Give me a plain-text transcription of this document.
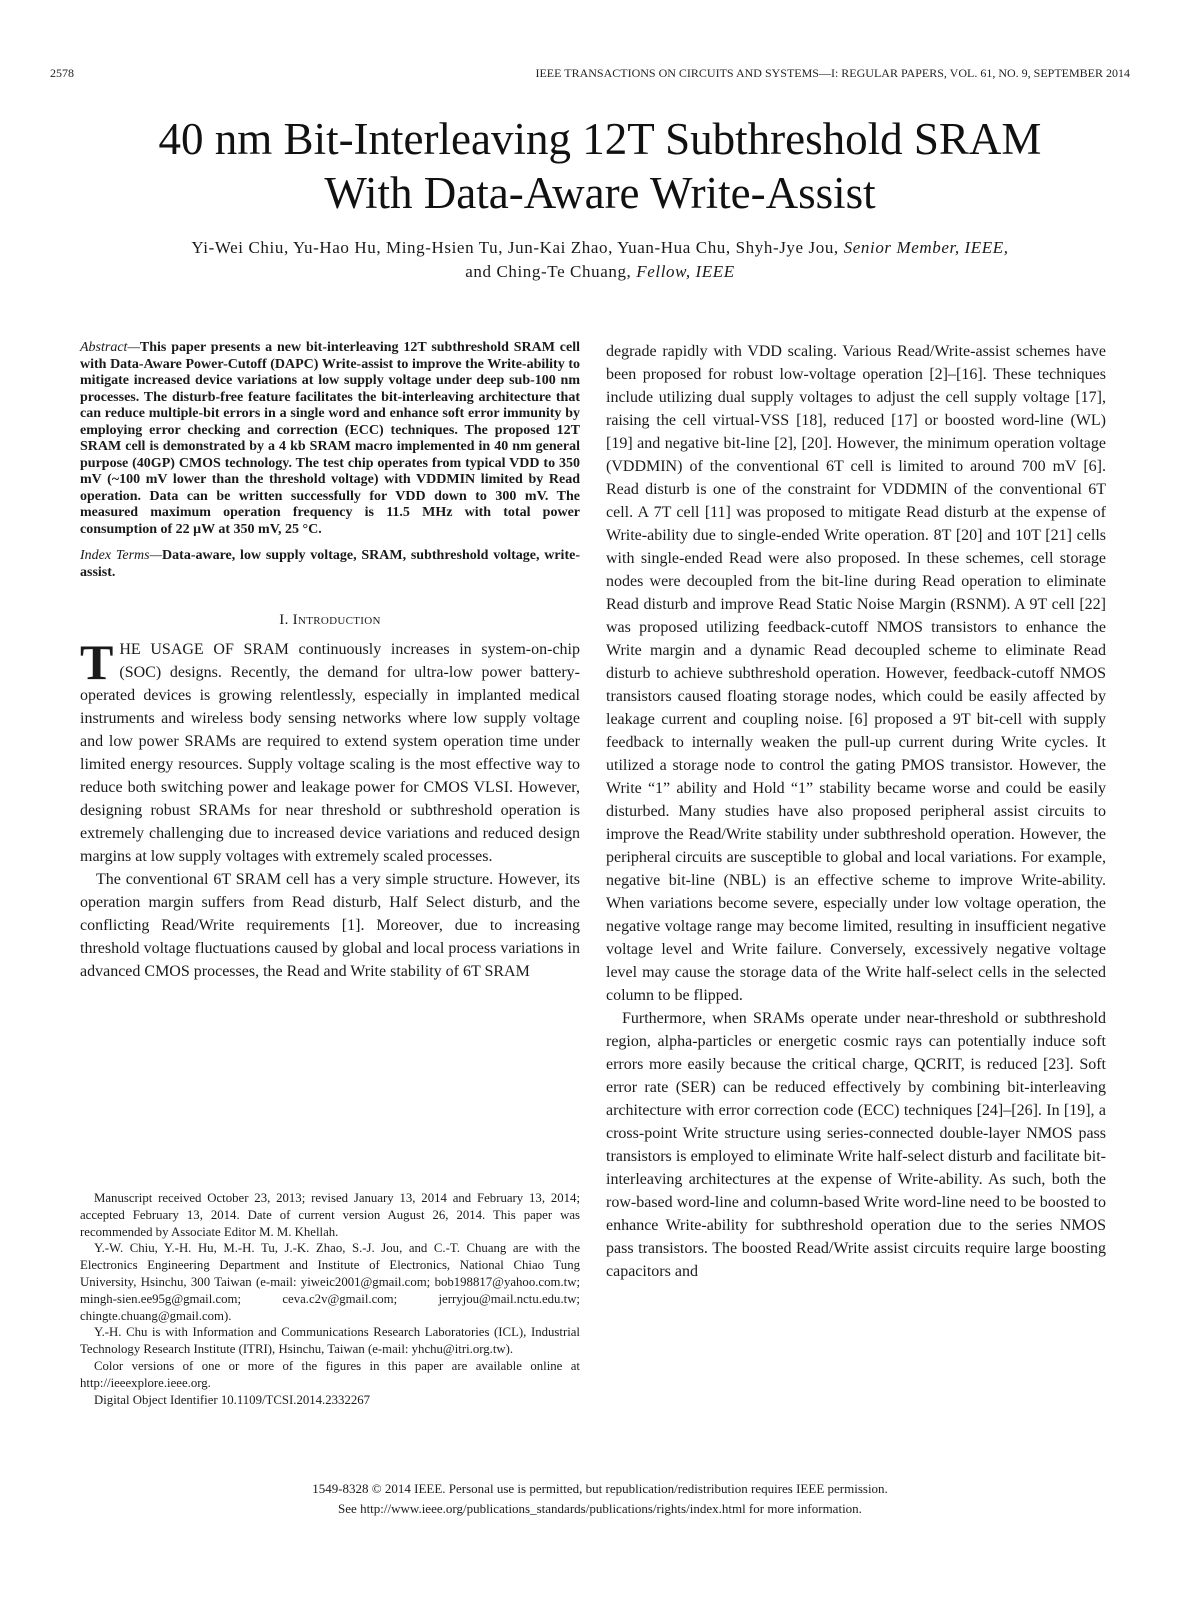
2578	IEEE TRANSACTIONS ON CIRCUITS AND SYSTEMS—I: REGULAR PAPERS, VOL. 61, NO. 9, SEPTEMBER 2014
40 nm Bit-Interleaving 12T Subthreshold SRAM
With Data-Aware Write-Assist
Yi-Wei Chiu, Yu-Hao Hu, Ming-Hsien Tu, Jun-Kai Zhao, Yuan-Hua Chu, Shyh-Jye Jou, Senior Member, IEEE,
and Ching-Te Chuang, Fellow, IEEE

Abstract—This paper presents a new bit-interleaving 12T subthreshold SRAM cell with Data-Aware Power-Cutoff (DAPC) Write-assist to improve the Write-ability to mitigate increased device variations at low supply voltage under deep sub-100 nm processes. The disturb-free feature facilitates the bit-interleaving architecture that can reduce multiple-bit errors in a single word and enhance soft error immunity by employing error checking and correction (ECC) techniques. The proposed 12T SRAM cell is demonstrated by a 4 kb SRAM macro implemented in 40 nm general purpose (40GP) CMOS technology. The test chip operates from typical VDD to 350 mV (~100 mV lower than the threshold voltage) with VDDMIN limited by Read operation. Data can be written successfully for VDD down to 300 mV. The measured maximum operation frequency is 11.5 MHz with total power consumption of 22 μW at 350 mV, 25 °C.

Index Terms—Data-aware, low supply voltage, SRAM, subthreshold voltage, write-assist.

I. Introduction

THE USAGE OF SRAM continuously increases in system-on-chip (SOC) designs. Recently, the demand for ultra-low power battery-operated devices is growing relentlessly, especially in implanted medical instruments and wireless body sensing networks where low supply voltage and low power SRAMs are required to extend system operation time under limited energy resources. Supply voltage scaling is the most effective way to reduce both switching power and leakage power for CMOS VLSI. However, designing robust SRAMs for near threshold or subthreshold operation is extremely challenging due to increased device variations and reduced design margins at low supply voltages with extremely scaled processes.

The conventional 6T SRAM cell has a very simple structure. However, its operation margin suffers from Read disturb, Half Select disturb, and the conflicting Read/Write requirements [1]. Moreover, due to increasing threshold voltage fluctuations caused by global and local process variations in advanced CMOS processes, the Read and Write stability of 6T SRAM

Manuscript received October 23, 2013; revised January 13, 2014 and February 13, 2014; accepted February 13, 2014. Date of current version August 26, 2014. This paper was recommended by Associate Editor M. M. Khellah.

Y.-W. Chiu, Y.-H. Hu, M.-H. Tu, J.-K. Zhao, S.-J. Jou, and C.-T. Chuang are with the Electronics Engineering Department and Institute of Electronics, National Chiao Tung University, Hsinchu, 300 Taiwan (e-mail: yiweic2001@gmail.com; bob198817@yahoo.com.tw; mingh-sien.ee95g@gmail.com; ceva.c2v@gmail.com; jerryjou@mail.nctu.edu.tw; chingte.chuang@gmail.com).

Y.-H. Chu is with Information and Communications Research Laboratories (ICL), Industrial Technology Research Institute (ITRI), Hsinchu, Taiwan (e-mail: yhchu@itri.org.tw).

Color versions of one or more of the figures in this paper are available online at http://ieeexplore.ieee.org.

Digital Object Identifier 10.1109/TCSI.2014.2332267

degrade rapidly with VDD scaling. Various Read/Write-assist schemes have been proposed for robust low-voltage operation [2]–[16]. These techniques include utilizing dual supply voltages to adjust the cell supply voltage [17], raising the cell virtual-VSS [18], reduced [17] or boosted word-line (WL) [19] and negative bit-line [2], [20]. However, the minimum operation voltage (VDDMIN) of the conventional 6T cell is limited to around 700 mV [6]. Read disturb is one of the constraint for VDDMIN of the conventional 6T cell. A 7T cell [11] was proposed to mitigate Read disturb at the expense of Write-ability due to single-ended Write operation. 8T [20] and 10T [21] cells with single-ended Read were also proposed. In these schemes, cell storage nodes were decoupled from the bit-line during Read operation to eliminate Read disturb and improve Read Static Noise Margin (RSNM). A 9T cell [22] was proposed utilizing feedback-cutoff NMOS transistors to enhance the Write margin and a dynamic Read decoupled scheme to eliminate Read disturb to achieve subthreshold operation. However, feedback-cutoff NMOS transistors caused floating storage nodes, which could be easily affected by leakage current and coupling noise. [6] proposed a 9T bit-cell with supply feedback to internally weaken the pull-up current during Write cycles. It utilized a storage node to control the gating PMOS transistor. However, the Write “1” ability and Hold “1” stability became worse and could be easily disturbed. Many studies have also proposed peripheral assist circuits to improve the Read/Write stability under subthreshold operation. However, the peripheral circuits are susceptible to global and local variations. For example, negative bit-line (NBL) is an effective scheme to improve Write-ability. When variations become severe, especially under low voltage operation, the negative voltage range may become limited, resulting in insufficient negative voltage level and Write failure. Conversely, excessively negative voltage level may cause the storage data of the Write half-select cells in the selected column to be flipped.

Furthermore, when SRAMs operate under near-threshold or subthreshold region, alpha-particles or energetic cosmic rays can potentially induce soft errors more easily because the critical charge, QCRIT, is reduced [23]. Soft error rate (SER) can be reduced effectively by combining bit-interleaving architecture with error correction code (ECC) techniques [24]–[26]. In [19], a cross-point Write structure using series-connected double-layer NMOS pass transistors is employed to eliminate Write half-select disturb and facilitate bit-interleaving architectures at the expense of Write-ability. As such, both the row-based word-line and column-based Write word-line need to be boosted to enhance Write-ability for subthreshold operation due to the series NMOS pass transistors. The boosted Read/Write assist circuits require large boosting capacitors and

1549-8328 © 2014 IEEE. Personal use is permitted, but republication/redistribution requires IEEE permission.
See http://www.ieee.org/publications_standards/publications/rights/index.html for more information.
